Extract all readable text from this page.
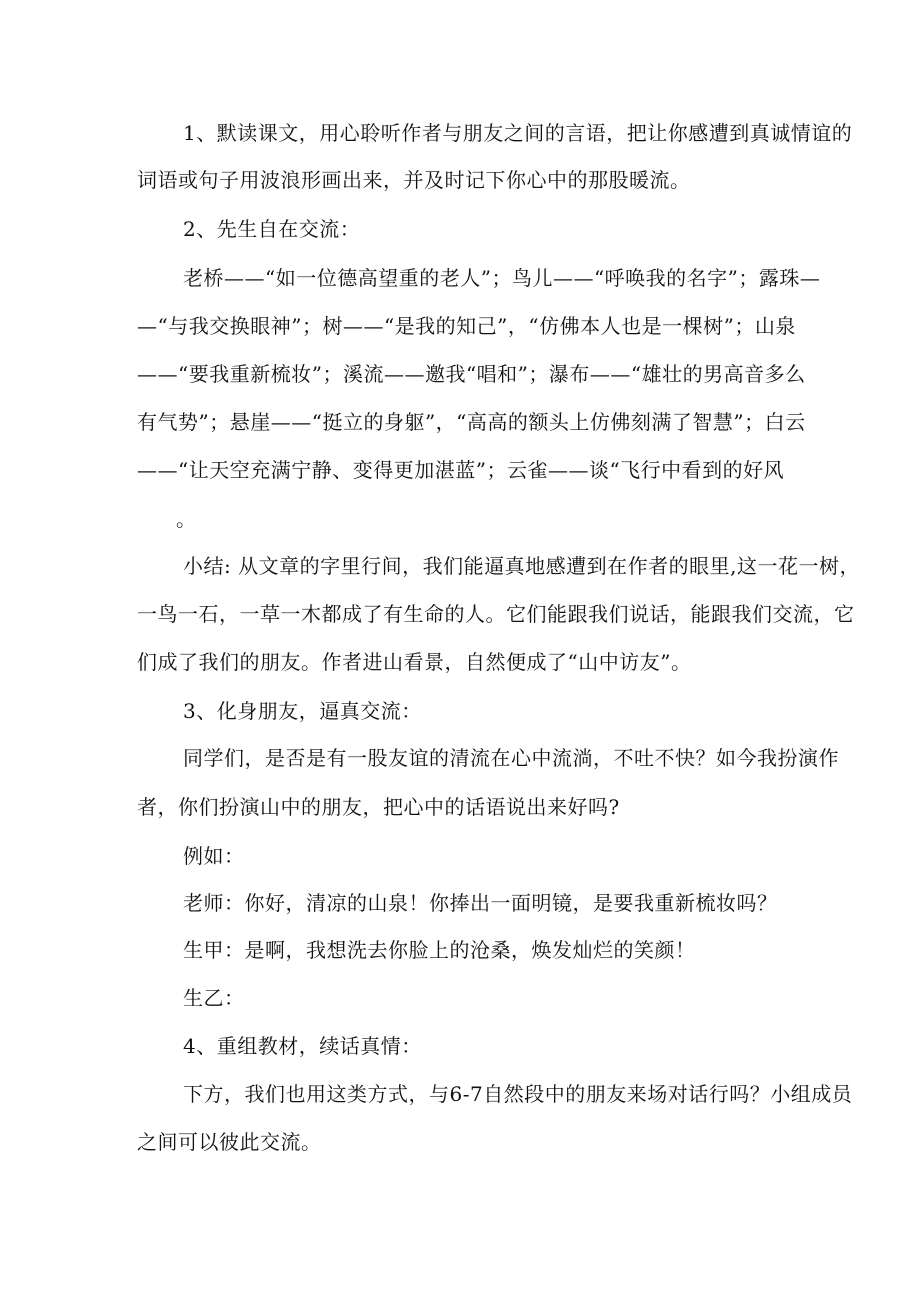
1、默读课文，用心聆听作者与朋友之间的言语，把让你感遭到真诚情谊的
词语或句子用波浪形画出来，并及时记下你心中的那股暖流。
2、先生自在交流：
老桥——“如一位德高望重的老人”；鸟儿——“呼唤我的名字”；露珠—
—“与我交换眼神”；树——“是我的知己”，“仿佛本人也是一棵树”；山泉
——“要我重新梳妆”；溪流——邀我“唱和”；瀑布——“雄壮的男高音多么
有气势”；悬崖——“挺立的身躯”，“高高的额头上仿佛刻满了智慧”；白云
——“让天空充满宁静、变得更加湛蓝”；云雀——谈“飞行中看到的好风
。
小结: 从文章的字里行间，我们能逼真地感遭到在作者的眼里,这一花一树，
一鸟一石，一草一木都成了有生命的人。它们能跟我们说话，能跟我们交流，它
们成了我们的朋友。作者进山看景，自然便成了“山中访友”。
3、化身朋友，逼真交流：
同学们，是否是有一股友谊的清流在心中流淌，不吐不快？如今我扮演作
者，你们扮演山中的朋友，把心中的话语说出来好吗?
例如：
老师：你好，清凉的山泉！你捧出一面明镜，是要我重新梳妆吗？
生甲：是啊，我想洗去你脸上的沧桑，焕发灿烂的笑颜！
生乙：
4、重组教材，续话真情：
下方，我们也用这类方式，与6-7自然段中的朋友来场对话行吗？小组成员
之间可以彼此交流。
